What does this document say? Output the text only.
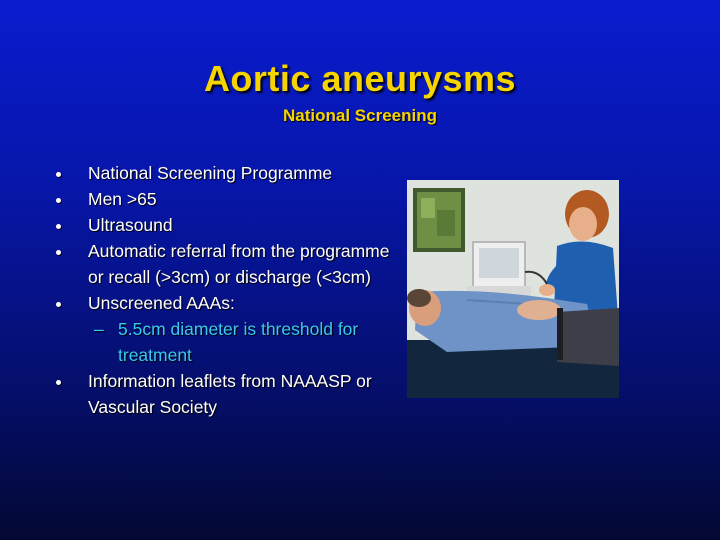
Aortic aneurysms
National Screening
National Screening Programme
Men >65
Ultrasound
Automatic referral from the programme or recall (>3cm) or discharge (<3cm)
Unscreened AAAs:
– 5.5cm diameter is threshold for treatment
Information leaflets from NAAASP or Vascular Society
